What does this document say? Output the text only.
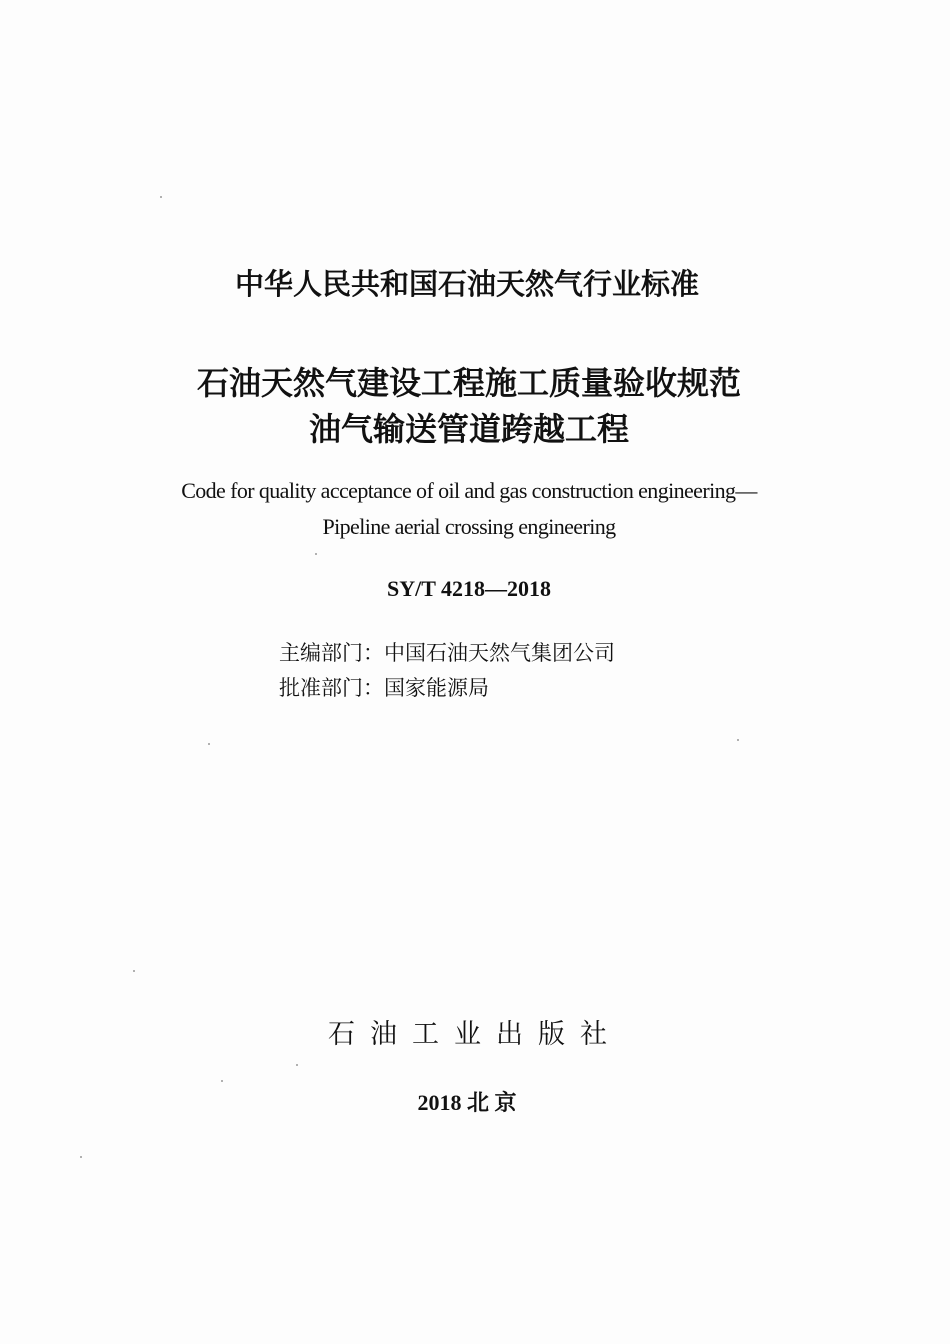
中华人民共和国石油天然气行业标准
石油天然气建设工程施工质量验收规范
油气输送管道跨越工程
Code for quality acceptance of oil and gas construction engineering—
Pipeline aerial crossing engineering
SY/T 4218—2018
主编部门：中国石油天然气集团公司
批准部门：国家能源局
石油工业出版社
2018 北 京
